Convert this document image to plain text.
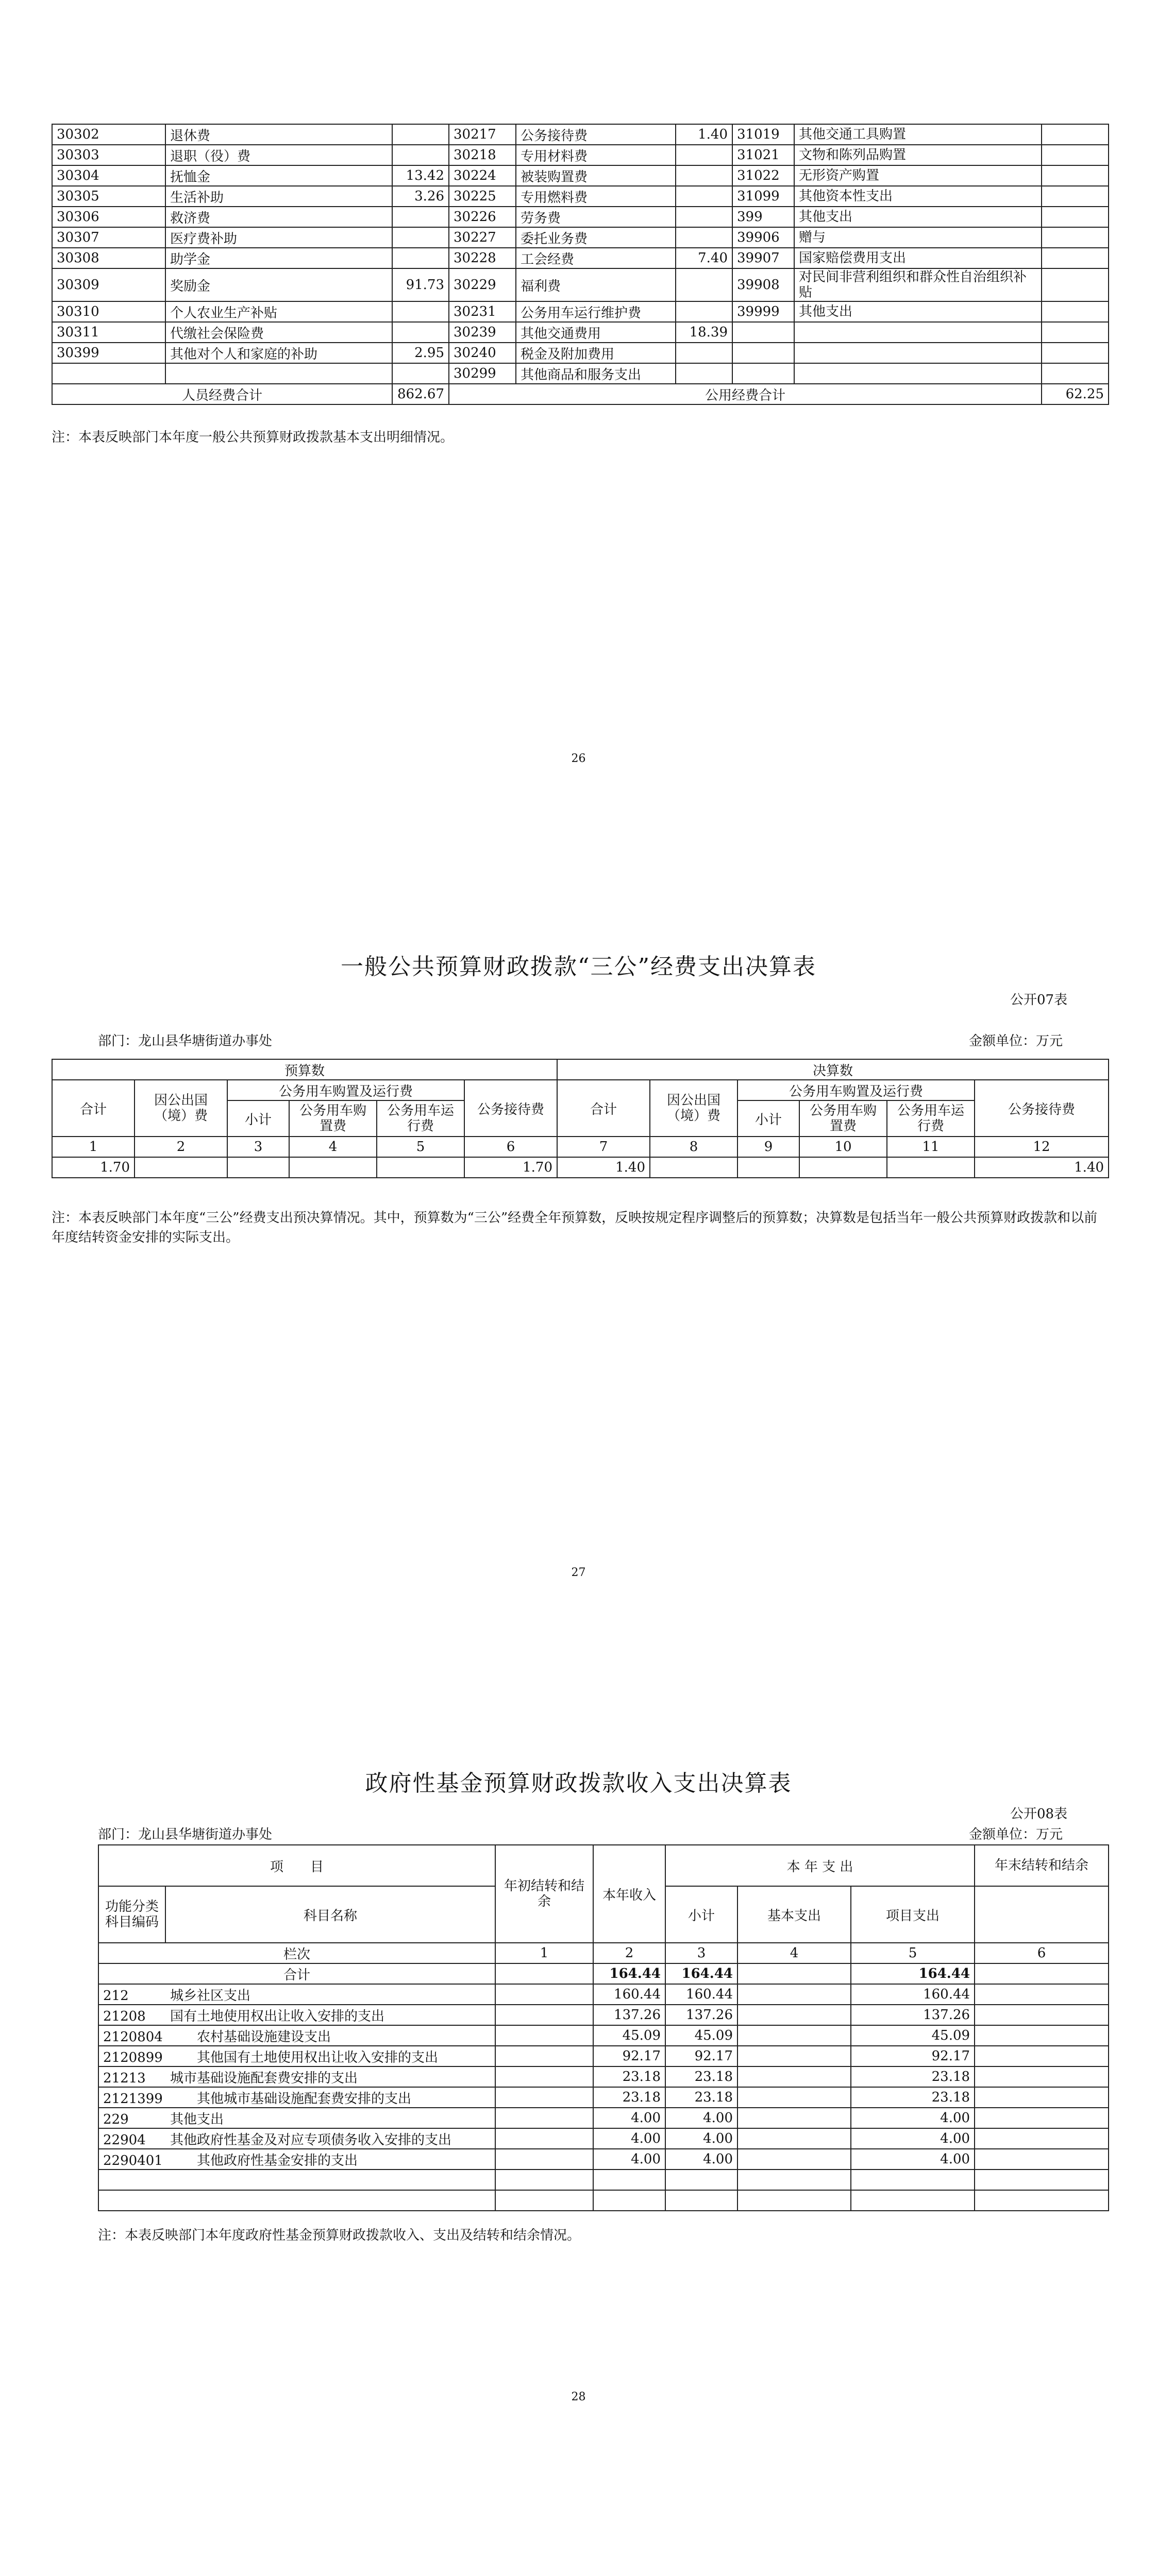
30302	退休费		30217	公务接待费	1.40	31019	其他交通工具购置	
30303	退职（役）费		30218	专用材料费		31021	文物和陈列品购置	
30304	抚恤金	13.42	30224	被装购置费		31022	无形资产购置	
30305	生活补助	3.26	30225	专用燃料费		31099	其他资本性支出	
30306	救济费		30226	劳务费		399	其他支出	
30307	医疗费补助		30227	委托业务费		39906	赠与	
30308	助学金		30228	工会经费	7.40	39907	国家赔偿费用支出	
30309	奖励金	91.73	30229	福利费		39908	对民间非营利组织和群众性自治组织补贴	
30310	个人农业生产补贴		30231	公务用车运行维护费		39999	其他支出	
30311	代缴社会保险费		30239	其他交通费用	18.39			
30399	其他对个人和家庭的补助	2.95	30240	税金及附加费用				
			30299	其他商品和服务支出				
人员经费合计		862.67	公用经费合计					62.25
注：本表反映部门本年度一般公共预算财政拨款基本支出明细情况。
26
一般公共预算财政拨款“三公”经费支出决算表
公开07表
部门：龙山县华塘街道办事处	金额单位：万元
预算数						决算数					
合计	因公出国（境）费	公务用车购置及运行费			公务接待费	合计	因公出国（境）费	公务用车购置及运行费			公务接待费
		小计	公务用车购置费	公务用车运行费				小计	公务用车购置费	公务用车运行费	
1	2	3	4	5	6	7	8	9	10	11	12
1.70					1.70	1.40					1.40
注：本表反映部门本年度“三公”经费支出预决算情况。其中，预算数为“三公”经费全年预算数，反映按规定程序调整后的预算数；决算数是包括当年一般公共预算财政拨款和以前年度结转资金安排的实际支出。
27
政府性基金预算财政拨款收入支出决算表
公开08表
部门：龙山县华塘街道办事处	金额单位：万元
项　　目		年初结转和结余	本年收入	本 年 支 出			年末结转和结余

功能分类科目编码	科目名称			小计	基本支出	项目支出	
栏次		1	2	3	4	5	6
合计			164.44	164.44		164.44	
212 城乡社区支出			160.44	160.44		160.44	
21208 国有土地使用权出让收入安排的支出			137.26	137.26		137.26	
2120804　　农村基础设施建设支出			45.09	45.09		45.09	
2120899　　其他国有土地使用权出让收入安排的支出			92.17	92.17		92.17	
21213 城市基础设施配套费安排的支出			23.18	23.18		23.18	
2121399　　其他城市基础设施配套费安排的支出			23.18	23.18		23.18	
229 其他支出			4.00	4.00		4.00	
22904 其他政府性基金及对应专项债务收入安排的支出			4.00	4.00		4.00	
2290401　　其他政府性基金安排的支出			4.00	4.00		4.00	

注：本表反映部门本年度政府性基金预算财政拨款收入、支出及结转和结余情况。
28
